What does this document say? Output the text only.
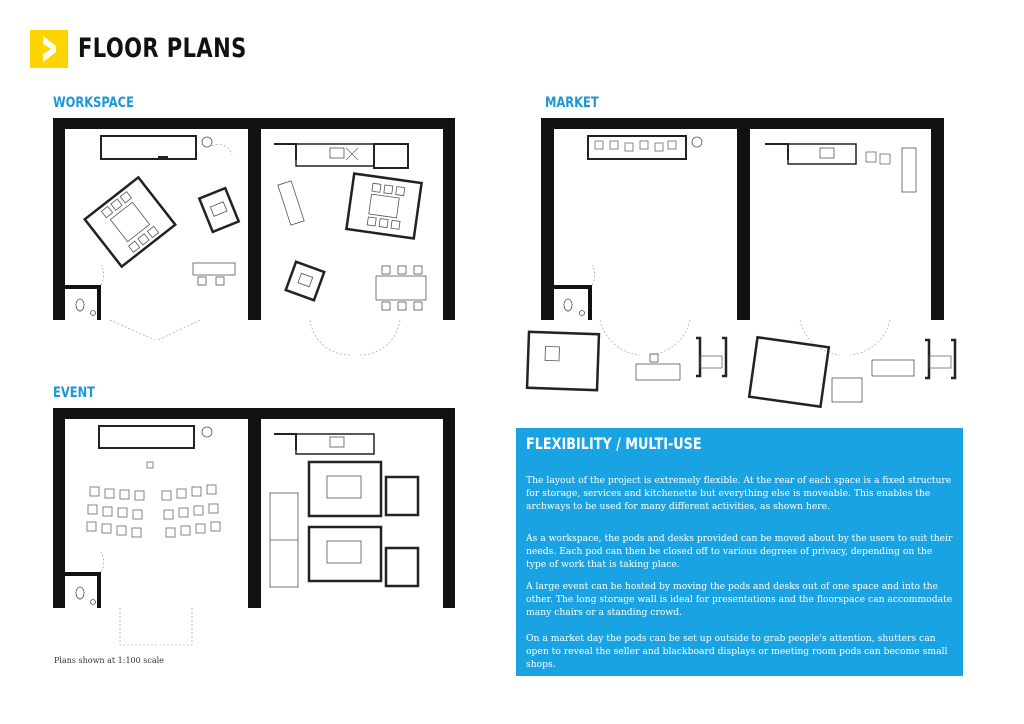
FLOOR PLANS
WORKSPACE	MARKET
EVENT
Plans shown at 1:100 scale
FLEXIBILITY / MULTI-USE

The layout of the project is extremely flexible. At the rear of each space is a fixed structure for storage, services and kitchenette but everything else is moveable. This enables the archways to be used for many different activities, as shown here.

As a workspace, the pods and desks provided can be moved about by the users to suit their needs. Each pod can then be closed off to various degrees of privacy, depending on the type of work that is taking place.

A large event can be hosted by moving the pods and desks out of one space and into the other. The long storage wall is ideal for presentations and the floorspace can accommodate many chairs or a standing crowd.

On a market day the pods can be set up outside to grab people's attention, shutters can open to reveal the seller and blackboard displays or meeting room pods can become small shops.
